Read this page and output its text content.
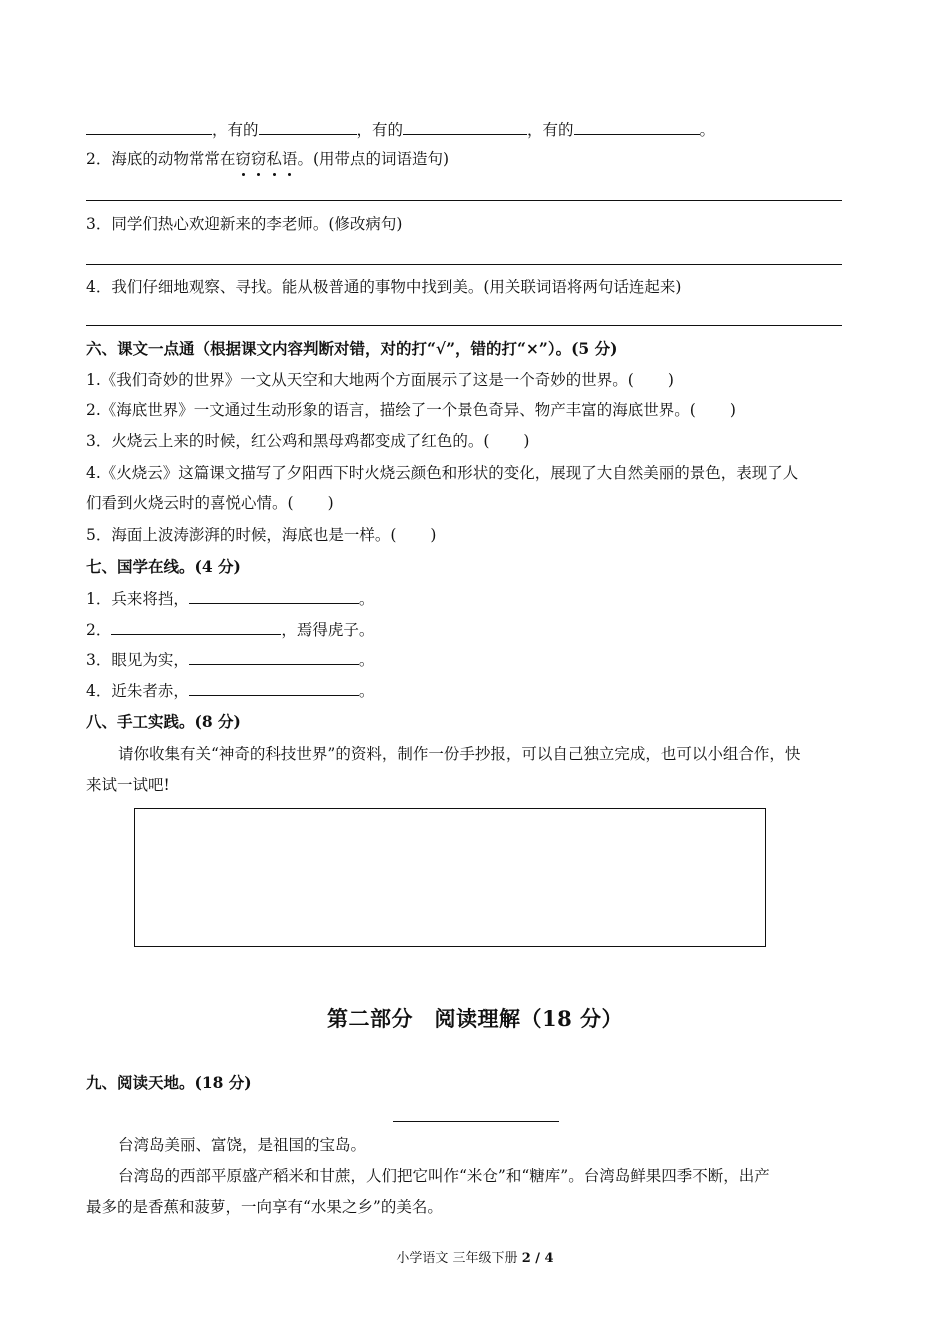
，有的	，有的	，有的	。
2．海底的动物常常在窃窃私语。(用带点的词语造句)
3．同学们热心欢迎新来的李老师。(修改病句)
4．我们仔细地观察、寻找。能从极普通的事物中找到美。(用关联词语将两句话连起来)
六、课文一点通（根据课文内容判断对错，对的打“√”，错的打“×”）。(5 分)
1.《我们奇妙的世界》一文从天空和大地两个方面展示了这是一个奇妙的世界。( )
2.《海底世界》一文通过生动形象的语言，描绘了一个景色奇异、物产丰富的海底世界。( )
3．火烧云上来的时候，红公鸡和黑母鸡都变成了红色的。( )
4.《火烧云》这篇课文描写了夕阳西下时火烧云颜色和形状的变化，展现了大自然美丽的景色，表现了人
们看到火烧云时的喜悦心情。( )
5．海面上波涛澎湃的时候，海底也是一样。( )
七、国学在线。(4 分)
1．兵来将挡，	。
2．	，焉得虎子。
3．眼见为实，	。
4．近朱者赤，	。
八、手工实践。(8 分)
请你收集有关“神奇的科技世界”的资料，制作一份手抄报，可以自己独立完成，也可以小组合作，快
来试一试吧!
第二部分　阅读理解（18 分）
九、阅读天地。(18 分)
台湾岛美丽、富饶，是祖国的宝岛。
台湾岛的西部平原盛产稻米和甘蔗，人们把它叫作“米仓”和“糖库”。台湾岛鲜果四季不断，出产
最多的是香蕉和菠萝，一向享有“水果之乡”的美名。
小学语文 三年级下册 2 / 4
